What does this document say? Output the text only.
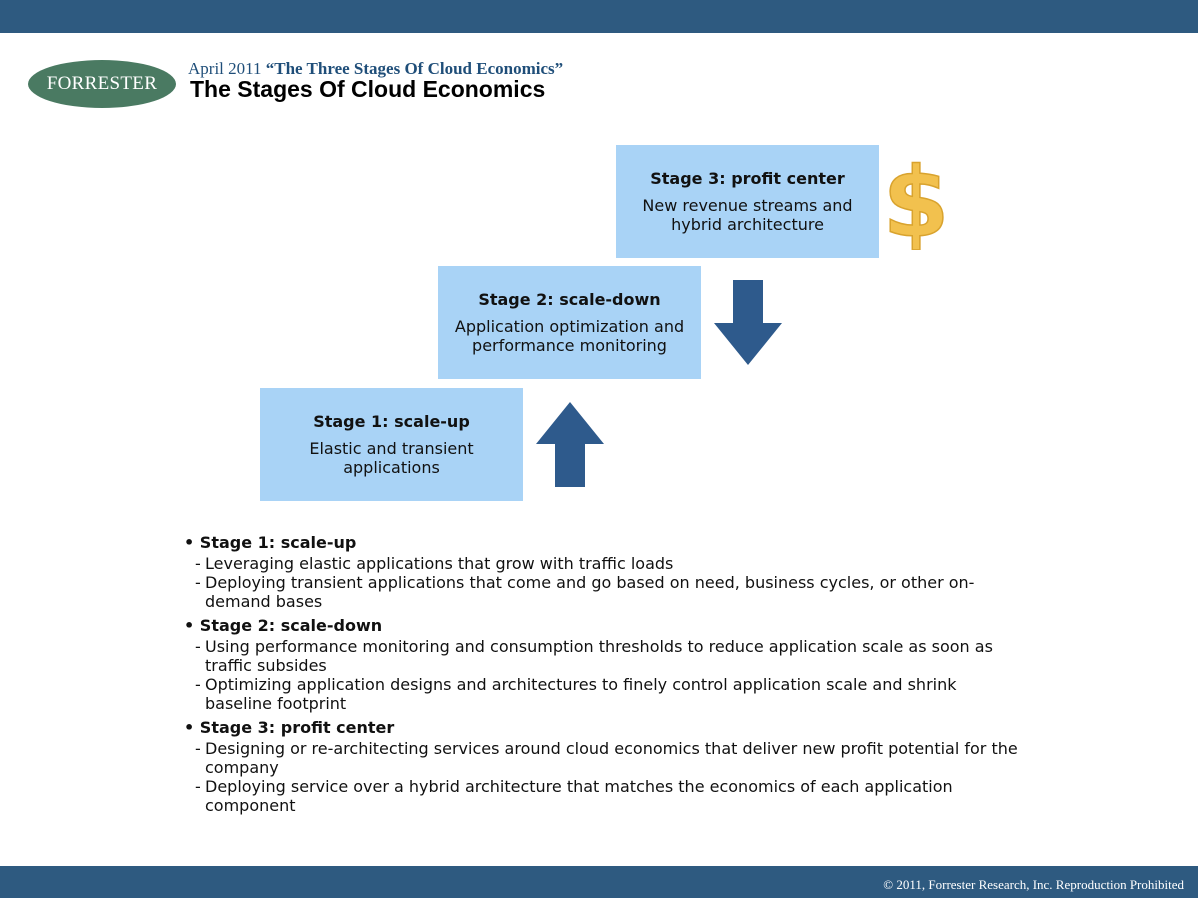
FORRESTER
April 2011 “The Three Stages Of Cloud Economics”
The Stages Of Cloud Economics
Stage 1: scale-up
Elastic and transient applications
Stage 2: scale-down
Application optimization and performance monitoring
Stage 3: profit center
New revenue streams and hybrid architecture $
• Stage 1: scale-up
- Leveraging elastic applications that grow with traffic loads
- Deploying transient applications that come and go based on need, business cycles, or other on-demand bases
• Stage 2: scale-down
- Using performance monitoring and consumption thresholds to reduce application scale as soon as traffic subsides
- Optimizing application designs and architectures to finely control application scale and shrink baseline footprint
• Stage 3: profit center
- Designing or re-architecting services around cloud economics that deliver new profit potential for the company
- Deploying service over a hybrid architecture that matches the economics of each application component
© 2011, Forrester Research, Inc. Reproduction Prohibited
